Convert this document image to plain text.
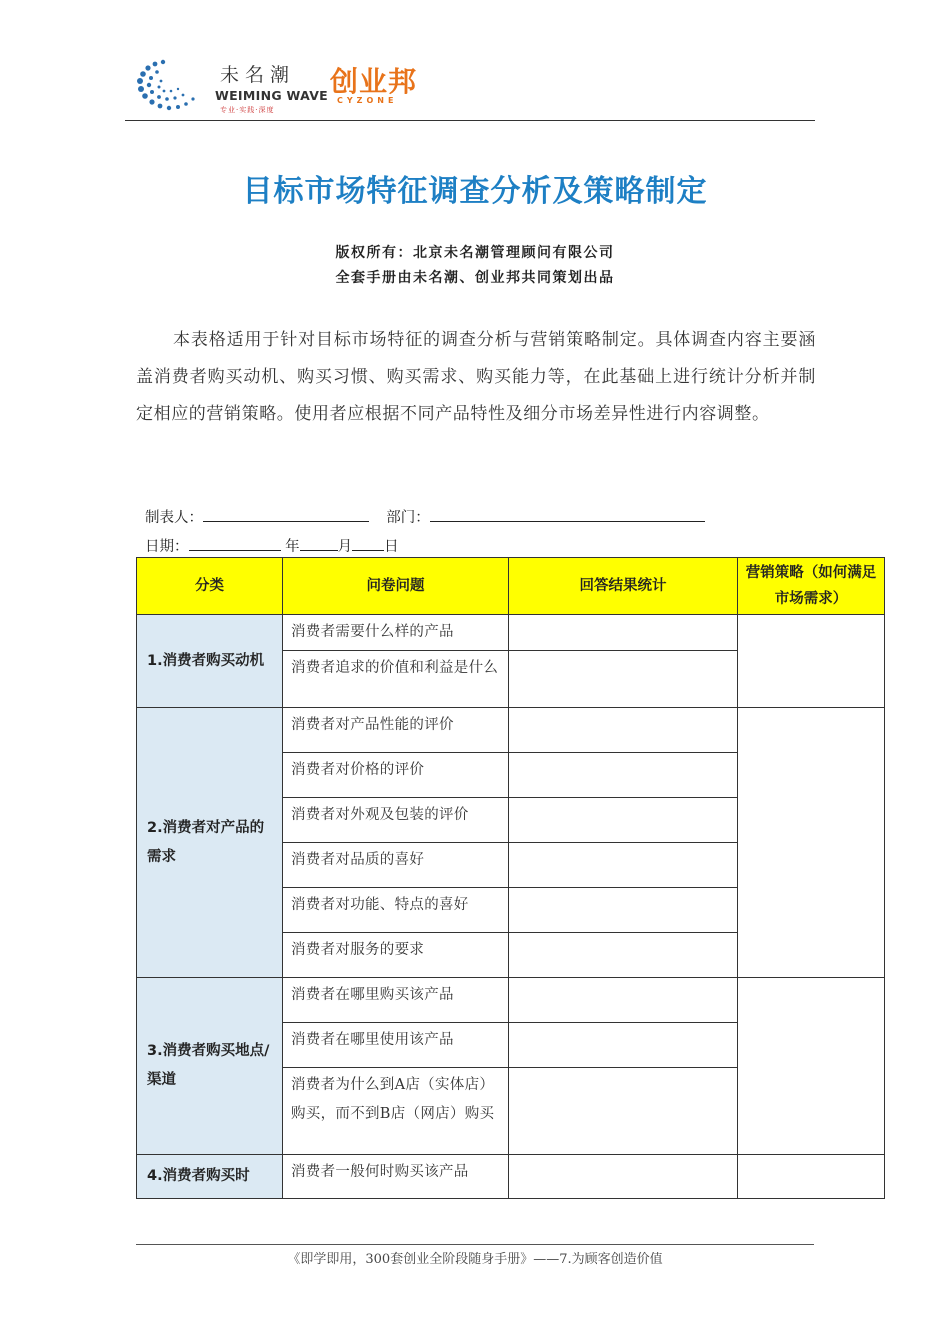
未名潮
WEIMING WAVE
专业·实践·深度
创业邦
CYZONE
目标市场特征调查分析及策略制定
版权所有：北京未名潮管理顾问有限公司
全套手册由未名潮、创业邦共同策划出品
本表格适用于针对目标市场特征的调查分析与营销策略制定。具体调查内容主要涵盖消费者购买动机、购买习惯、购买需求、购买能力等，在此基础上进行统计分析并制定相应的营销策略。使用者应根据不同产品特性及细分市场差异性进行内容调整。
制表人：	部门：
日期：	年	月 日
分类	问卷问题	回答结果统计	营销策略（如何满足市场需求）
1.消费者购买动机	消费者需要什么样的产品		
	消费者追求的价值和利益是什么		
2.消费者对产品的需求	消费者对产品性能的评价		
	消费者对价格的评价		
	消费者对外观及包装的评价		
	消费者对品质的喜好		
	消费者对功能、特点的喜好		
	消费者对服务的要求		
3.消费者购买地点/渠道	消费者在哪里购买该产品		
	消费者在哪里使用该产品		
	消费者为什么到A店（实体店）购买，而不到B店（网店）购买		
4.消费者购买时	消费者一般何时购买该产品		
《即学即用，300套创业全阶段随身手册》——7.为顾客创造价值
